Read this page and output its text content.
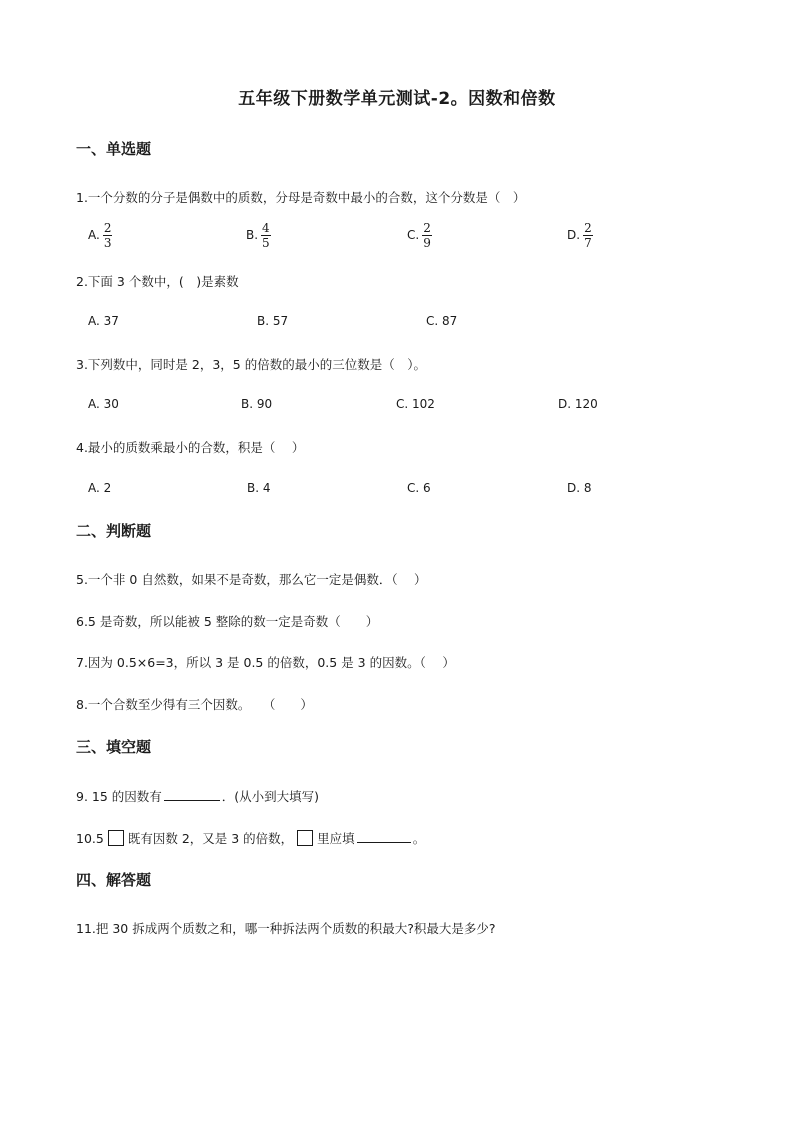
五年级下册数学单元测试-2。因数和倍数
一、单选题
1.一个分数的分子是偶数中的质数，分母是奇数中最小的合数，这个分数是（　）
A. $\frac{2}{3}$	B. $\frac{4}{5}$	C. $\frac{2}{9}$	D. $\frac{2}{7}$
2.下面 3 个数中，(　)是素数
A. 37	B. 57	C. 87
3.下列数中，同时是 2，3，5 的倍数的最小的三位数是（　）。
A. 30	B. 90	C. 102	D. 120
4.最小的质数乘最小的合数，积是（　 ）
A. 2	B. 4	C. 6	D. 8
二、判断题
5.一个非 0 自然数，如果不是奇数，那么它一定是偶数．（　 ）
6.5 是奇数，所以能被 5 整除的数一定是奇数（　　）
7.因为 0.5×6=3，所以 3 是 0.5 的倍数，0.5 是 3 的因数。（　 ）
8.一个合数至少得有三个因数。　　（　　）
三、填空题
9. 15 的因数有	．(从小到大填写)
10.5 既有因数 2，又是 3 的倍数， 里应填	。
四、解答题
11.把 30 拆成两个质数之和，哪一种拆法两个质数的积最大?积最大是多少?
